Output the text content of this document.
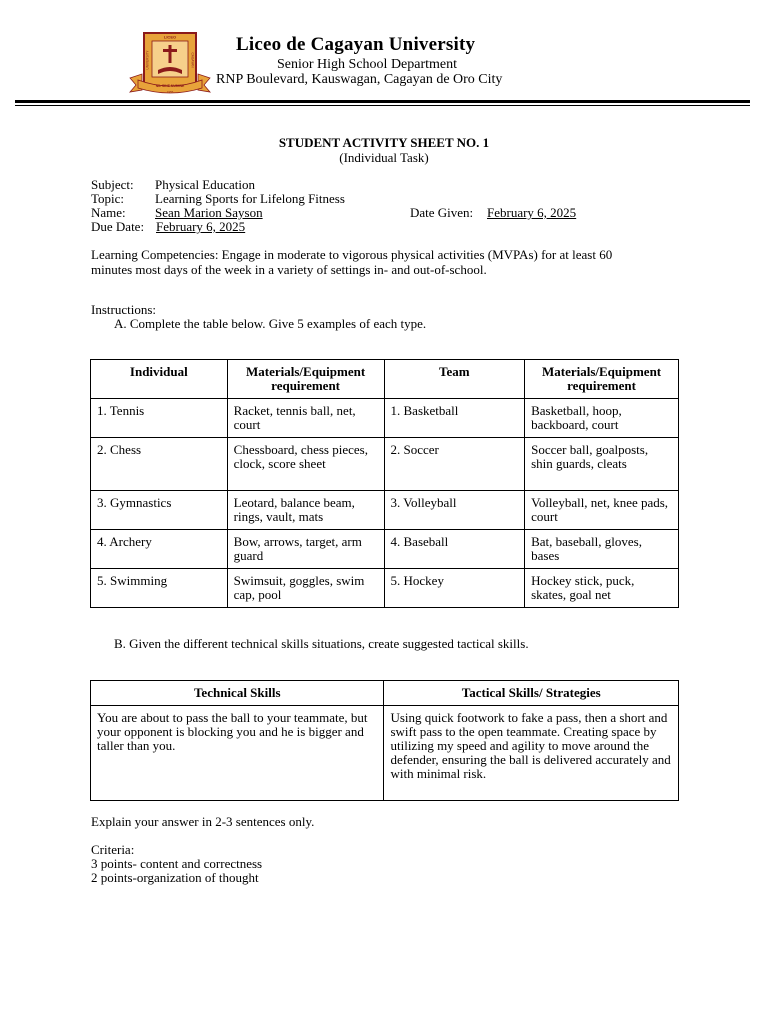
LICEO
UNIVERSITY	CAGAYAN
NIL SINE NUMINE
1955
Liceo de Cagayan University
Senior High School Department
RNP Boulevard, Kauswagan, Cagayan de Oro City
STUDENT ACTIVITY SHEET NO. 1
(Individual Task)
Subject: Physical Education
Topic: Learning Sports for Lifelong Fitness
Name: Sean Marion Sayson	Date Given: February 6, 2025
Due Date: February 6, 2025
Learning Competencies: Engage in moderate to vigorous physical activities (MVPAs) for at least 60
minutes most days of the week in a variety of settings in- and out-of-school.
Instructions:
A. Complete the table below. Give 5 examples of each type.
Individual	Materials/Equipment requirement	Team	Materials/Equipment requirement
1. Tennis	Racket, tennis ball, net, court	1. Basketball	Basketball, hoop, backboard, court
2. Chess	Chessboard, chess pieces, clock, score sheet	2. Soccer	Soccer ball, goalposts, shin guards, cleats
3. Gymnastics	Leotard, balance beam, rings, vault, mats	3. Volleyball	Volleyball, net, knee pads, court
4. Archery	Bow, arrows, target, arm guard	4. Baseball	Bat, baseball, gloves, bases
5. Swimming	Swimsuit, goggles, swim cap, pool	5. Hockey	Hockey stick, puck, skates, goal net
B. Given the different technical skills situations, create suggested tactical skills.
Technical Skills	Tactical Skills/ Strategies
You are about to pass the ball to your teammate, but your opponent is blocking you and he is bigger and taller than you.	Using quick footwork to fake a pass, then a short and swift pass to the open teammate. Creating space by utilizing my speed and agility to move around the defender, ensuring the ball is delivered accurately and with minimal risk.
Explain your answer in 2-3 sentences only.
Criteria:
3 points- content and correctness
2 points-organization of thought
